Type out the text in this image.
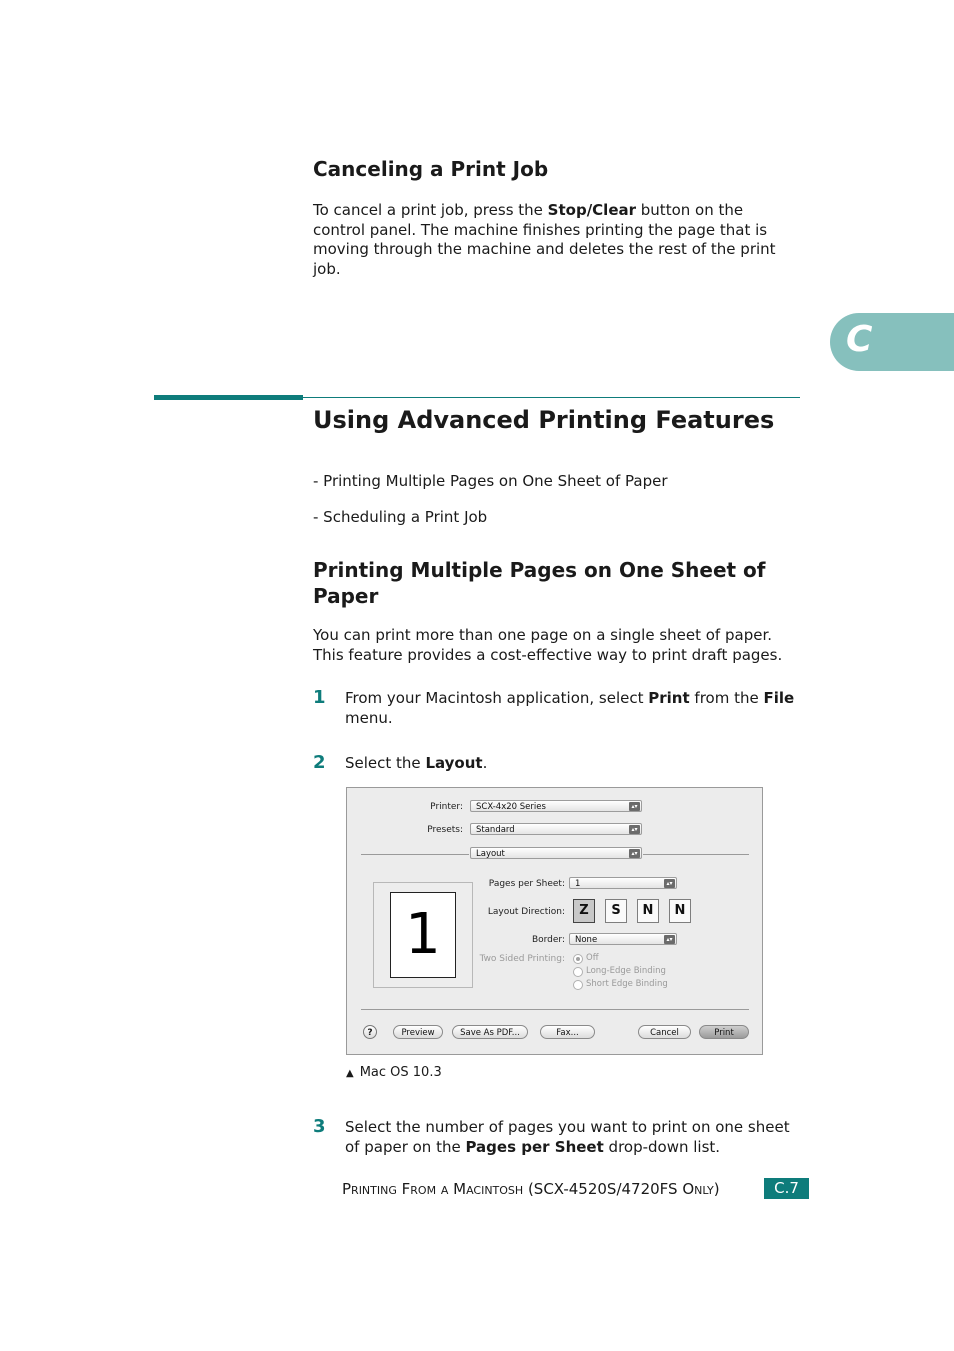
Canceling a Print Job
To cancel a print job, press the Stop/Clear button on the control panel. The machine finishes printing the page that is moving through the machine and deletes the rest of the print job.
C
Using Advanced Printing Features
- Printing Multiple Pages on One Sheet of Paper
- Scheduling a Print Job
Printing Multiple Pages on One Sheet of Paper
You can print more than one page on a single sheet of paper. This feature provides a cost-effective way to print draft pages.
1 From your Macintosh application, select Print from the File menu.
2 Select the Layout.
Printer:	SCX-4x20 Series	▴▾
Presets:	Standard	▴▾
Layout	▴▾
1
Pages per Sheet:	1	▴▾
Layout Direction:	Z	S	N	N
Border:	None	▴▾
Two Sided Printing:	Off
Long-Edge Binding
Short Edge Binding
?	Preview	Save As PDF...	Fax...	Cancel	Print
▲ Mac OS 10.3
3 Select the number of pages you want to print on one sheet of paper on the Pages per Sheet drop-down list.
Printing From a Macintosh (SCX-4520S/4720FS Only)	C.7
